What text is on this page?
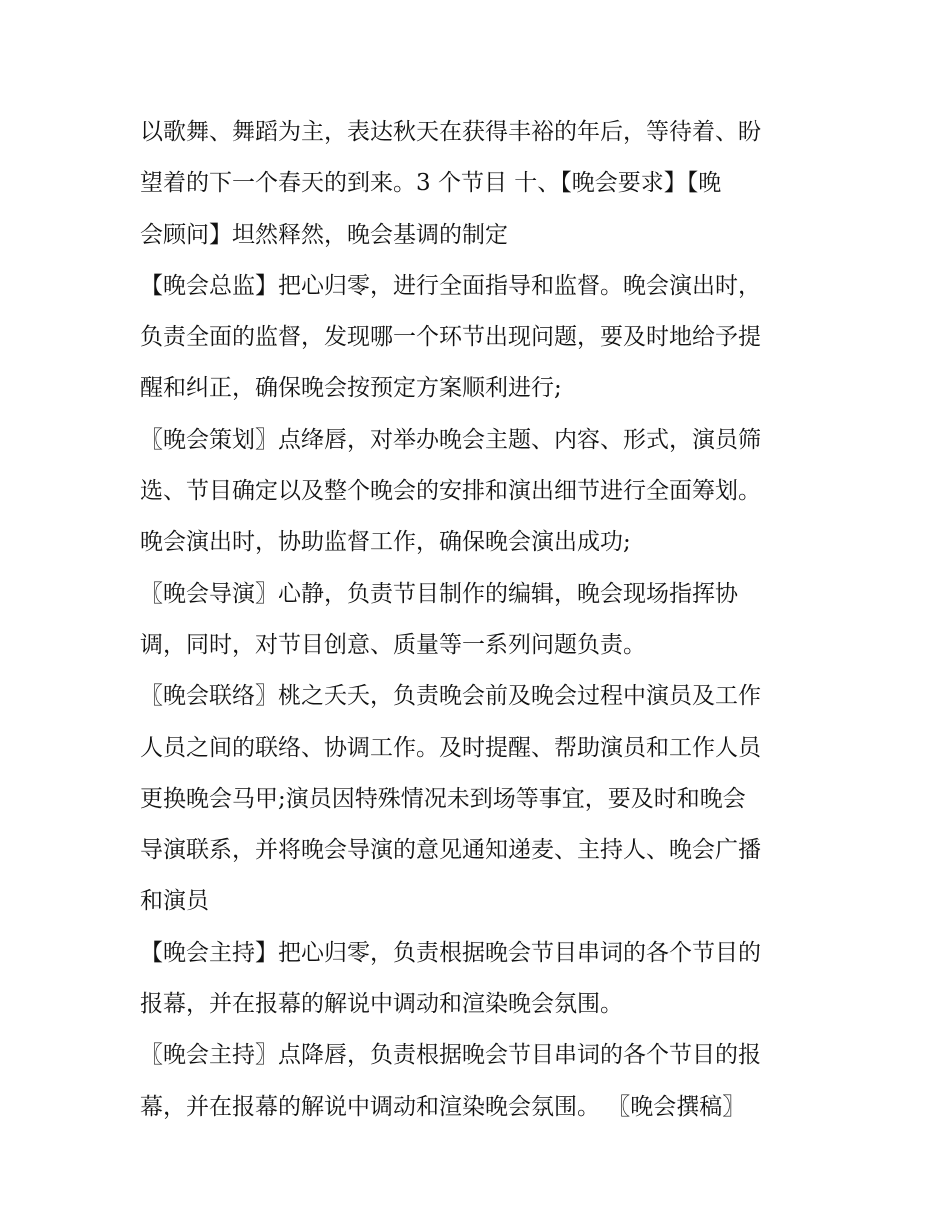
以歌舞、舞蹈为主，表达秋天在获得丰裕的年后，等待着、盼
望着的下一个春天的到来。3 个节目 十、【晚会要求】【晚
会顾问】坦然释然，晚会基调的制定
【晚会总监】把心归零，进行全面指导和监督。晚会演出时，
负责全面的监督，发现哪一个环节出现问题，要及时地给予提
醒和纠正，确保晚会按预定方案顺利进行;
〖晚会策划〗点绛唇，对举办晚会主题、内容、形式，演员筛
选、节目确定以及整个晚会的安排和演出细节进行全面筹划。
晚会演出时，协助监督工作，确保晚会演出成功;
〖晚会导演〗心静，负责节目制作的编辑，晚会现场指挥协
调，同时，对节目创意、质量等一系列问题负责。
〖晚会联络〗桃之夭夭，负责晚会前及晚会过程中演员及工作
人员之间的联络、协调工作。及时提醒、帮助演员和工作人员
更换晚会马甲;演员因特殊情况未到场等事宜，要及时和晚会
导演联系，并将晚会导演的意见通知递麦、主持人、晚会广播
和演员
【晚会主持】把心归零，负责根据晚会节目串词的各个节目的
报幕，并在报幕的解说中调动和渲染晚会氛围。
〖晚会主持〗点降唇，负责根据晚会节目串词的各个节目的报
幕，并在报幕的解说中调动和渲染晚会氛围。 〖晚会撰稿〗
